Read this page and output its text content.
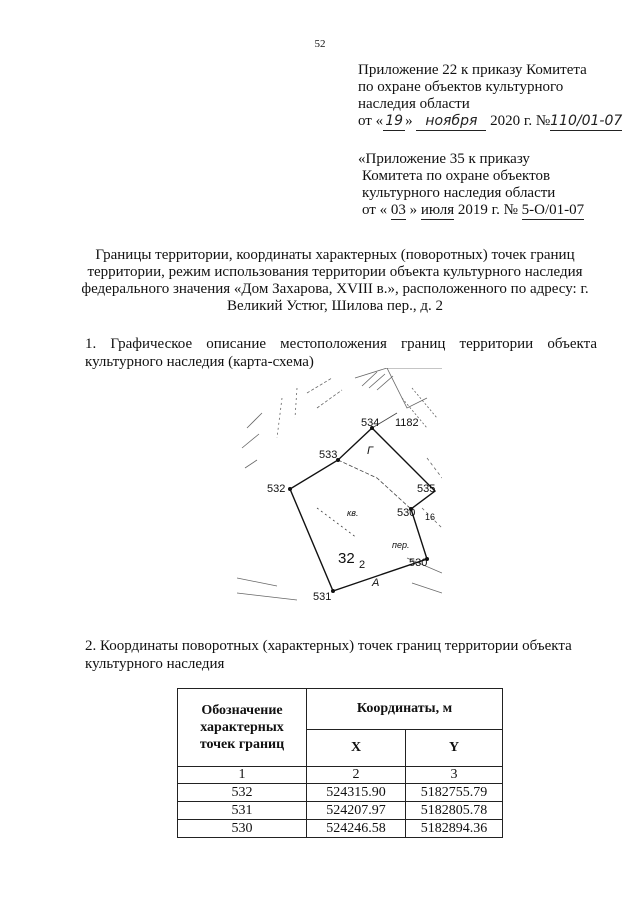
52
Приложение 22 к приказу Комитета
по охране объектов культурного
наследия области
от « 19 » ноября 2020 г. №110/01-07
«Приложение 35 к приказу
Комитета по охране объектов
культурного наследия области
от « 03 » июля 2019 г. № 5-О/01-07
Границы территории, координаты характерных (поворотных) точек границ территории, режим использования территории объекта культурного наследия федерального значения «Дом Захарова, XVIII в.», расположенного по адресу: г. Великий Устюг, Шилова пер., д. 2
1. Графическое описание местоположения границ территории объекта культурного наследия (карта-схема)
534
533
532
531
530
535
Г
А
32
1182
2
16
кв.
пер.
530
2. Координаты поворотных (характерных) точек границ территории объекта культурного наследия
Обозначение характерных точек границ	Координаты, м	
	X	Y
1	2	3
532	524315.90	5182755.79
531	524207.97	5182805.78
530	524246.58	5182894.36
